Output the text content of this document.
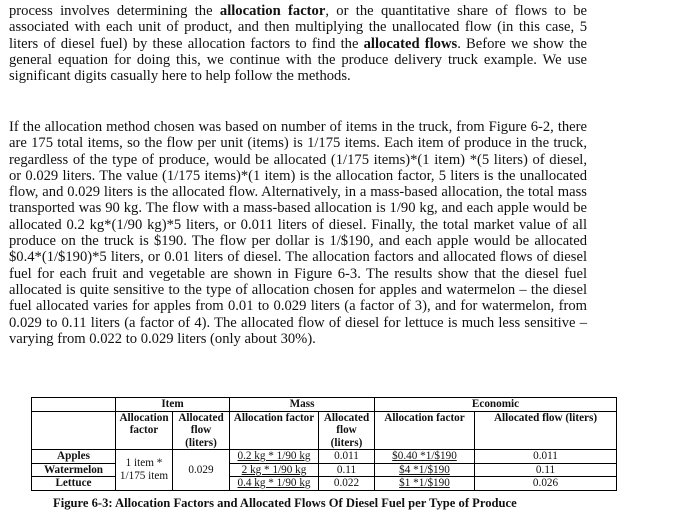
process involves determining the allocation factor, or the quantitative share of flows to be associated with each unit of product, and then multiplying the unallocated flow (in this case, 5 liters of diesel fuel) by these allocation factors to find the allocated flows. Before we show the general equation for doing this, we continue with the produce delivery truck example. We use significant digits casually here to help follow the methods.

If the allocation method chosen was based on number of items in the truck, from Figure 6-2, there are 175 total items, so the flow per unit (items) is 1/175 items. Each item of produce in the truck, regardless of the type of produce, would be allocated (1/175 items)*(1 item) *(5 liters) of diesel, or 0.029 liters. The value (1/175 items)*(1 item) is the allocation factor, 5 liters is the unallocated flow, and 0.029 liters is the allocated flow. Alternatively, in a mass-based allocation, the total mass transported was 90 kg. The flow with a mass-based allocation is 1/90 kg, and each apple would be allocated 0.2 kg*(1/90 kg)*5 liters, or 0.011 liters of diesel. Finally, the total market value of all produce on the truck is $190. The flow per dollar is 1/$190, and each apple would be allocated $0.4*(1/$190)*5 liters, or 0.01 liters of diesel. The allocation factors and allocated flows of diesel fuel for each fruit and vegetable are shown in Figure 6-3. The results show that the diesel fuel allocated is quite sensitive to the type of allocation chosen for apples and watermelon – the diesel fuel allocated varies for apples from 0.01 to 0.029 liters (a factor of 3), and for watermelon, from 0.029 to 0.11 liters (a factor of 4). The allocated flow of diesel for lettuce is much less sensitive – varying from 0.022 to 0.029 liters (only about 30%).

	Item		Mass		Economic	
	Allocation factor	Allocated flow (liters)	Allocation factor	Allocated flow (liters)	Allocation factor	Allocated flow (liters)
Apples	1 item * 1/175 item	0.029	0.2 kg * 1/90 kg	0.011	$0.40 *1/$190	0.011
Watermelon			2 kg * 1/90 kg	0.11	$4 *1/$190	0.11
Lettuce			0.4 kg * 1/90 kg	0.022	$1 *1/$190	0.026

Figure 6-3: Allocation Factors and Allocated Flows Of Diesel Fuel per Type of Produce
